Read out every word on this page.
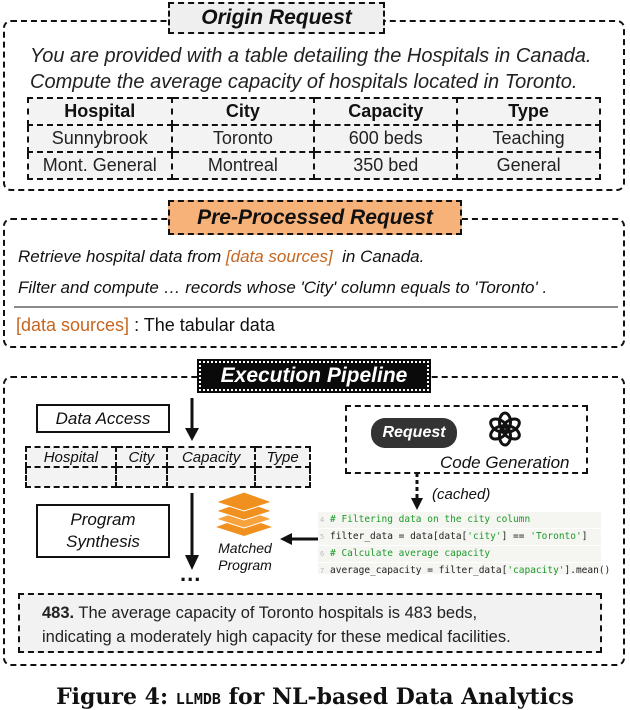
Origin Request
You are provided with a table detailing the Hospitals in Canada.
Compute the average capacity of hospitals located in Toronto.
Hospital	City	Capacity	Type
Sunnybrook	Toronto	600 beds	Teaching
Mont. General	Montreal	350 bed	General
Pre-Processed Request
Retrieve hospital data from [data sources]  in Canada.
Filter and compute … records whose 'City' column equals to 'Toronto' .
[data sources] : The tabular data
Execution Pipeline
Data Access
Hospital	City	Capacity	Type

Program
Synthesis
...
Matched
Program
Request
Code Generation
(cached)
4 # Filtering data on the city column
5 filter_data = data[data['city'] == 'Toronto']
6 # Calculate average capacity
7 average_capacity = filter_data['capacity'].mean()
483. The average capacity of Toronto hospitals is 483 beds,
indicating a moderately high capacity for these medical facilities.
Figure 4: LLMDB for NL-based Data Analytics
